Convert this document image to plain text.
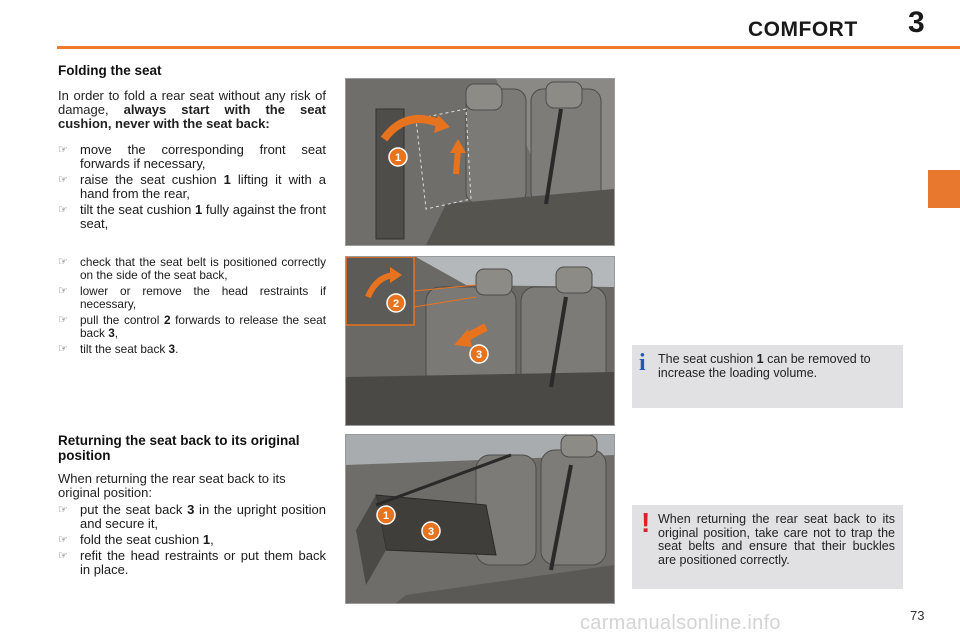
COMFORT 3
Folding the seat
In order to fold a rear seat without any risk of damage, always start with the seat cushion, never with the seat back:
☞ move the corresponding front seat forwards if necessary,
☞ raise the seat cushion 1 lifting it with a hand from the rear,
☞ tilt the seat cushion 1 fully against the front seat,
☞ check that the seat belt is positioned correctly on the side of the seat back,
☞ lower or remove the head restraints if necessary,
☞ pull the control 2 forwards to release the seat back 3,
☞ tilt the seat back 3.
Returning the seat back to its original position
When returning the rear seat back to its original position:
☞ put the seat back 3 in the upright position and secure it,
☞ fold the seat cushion 1,
☞ refit the head restraints or put them back in place.
1
2
3
1
3
i The seat cushion 1 can be removed to increase the loading volume.
! When returning the rear seat back to its original position, take care not to trap the seat belts and ensure that their buckles are positioned correctly.
carmanualsonline.info	73
